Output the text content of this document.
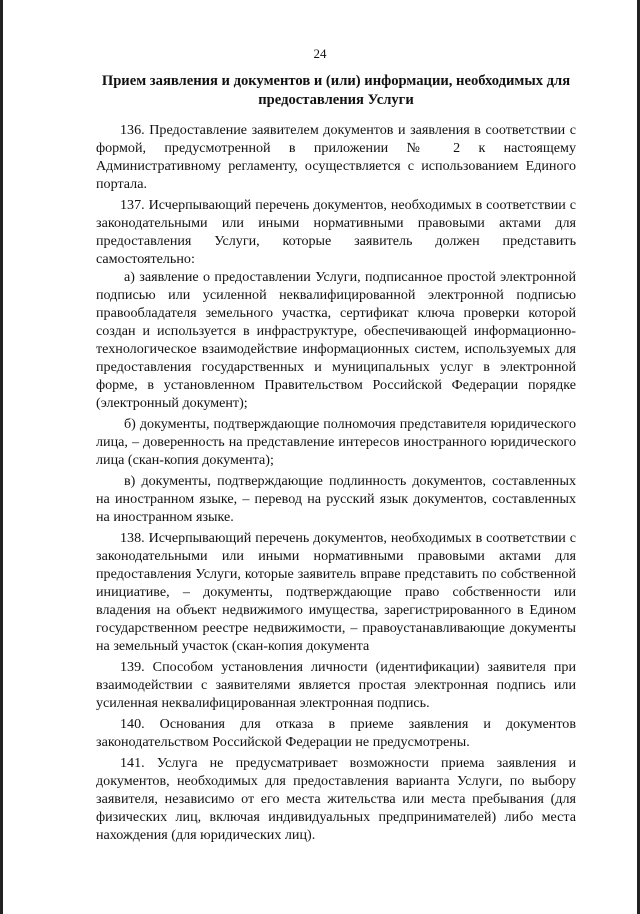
24
Прием заявления и документов и (или) информации, необходимых для предоставления Услуги

136. Предоставление заявителем документов и заявления в соответствии с формой, предусмотренной в приложении № 2 к настоящему Административному регламенту, осуществляется с использованием Единого портала.

137. Исчерпывающий перечень документов, необходимых в соответствии с законодательными или иными нормативными правовыми актами для предоставления Услуги, которые заявитель должен представить самостоятельно:

а) заявление о предоставлении Услуги, подписанное простой электронной подписью или усиленной неквалифицированной электронной подписью правообладателя земельного участка, сертификат ключа проверки которой создан и используется в инфраструктуре, обеспечивающей информационно-технологическое взаимодействие информационных систем, используемых для предоставления государственных и муниципальных услуг в электронной форме, в установленном Правительством Российской Федерации порядке (электронный документ);

б) документы, подтверждающие полномочия представителя юридического лица, – доверенность на представление интересов иностранного юридического лица (скан-копия документа);

в) документы, подтверждающие подлинность документов, составленных на иностранном языке, – перевод на русский язык документов, составленных на иностранном языке.

138. Исчерпывающий перечень документов, необходимых в соответствии с законодательными или иными нормативными правовыми актами для предоставления Услуги, которые заявитель вправе представить по собственной инициативе, – документы, подтверждающие право собственности или владения на объект недвижимого имущества, зарегистрированного в Едином государственном реестре недвижимости, – правоустанавливающие документы на земельный участок (скан-копия документа

139. Способом установления личности (идентификации) заявителя при взаимодействии с заявителями является простая электронная подпись или усиленная неквалифицированная электронная подпись.

140. Основания для отказа в приеме заявления и документов законодательством Российской Федерации не предусмотрены.

141. Услуга не предусматривает возможности приема заявления и документов, необходимых для предоставления варианта Услуги, по выбору заявителя, независимо от его места жительства или места пребывания (для физических лиц, включая индивидуальных предпринимателей) либо места нахождения (для юридических лиц).
